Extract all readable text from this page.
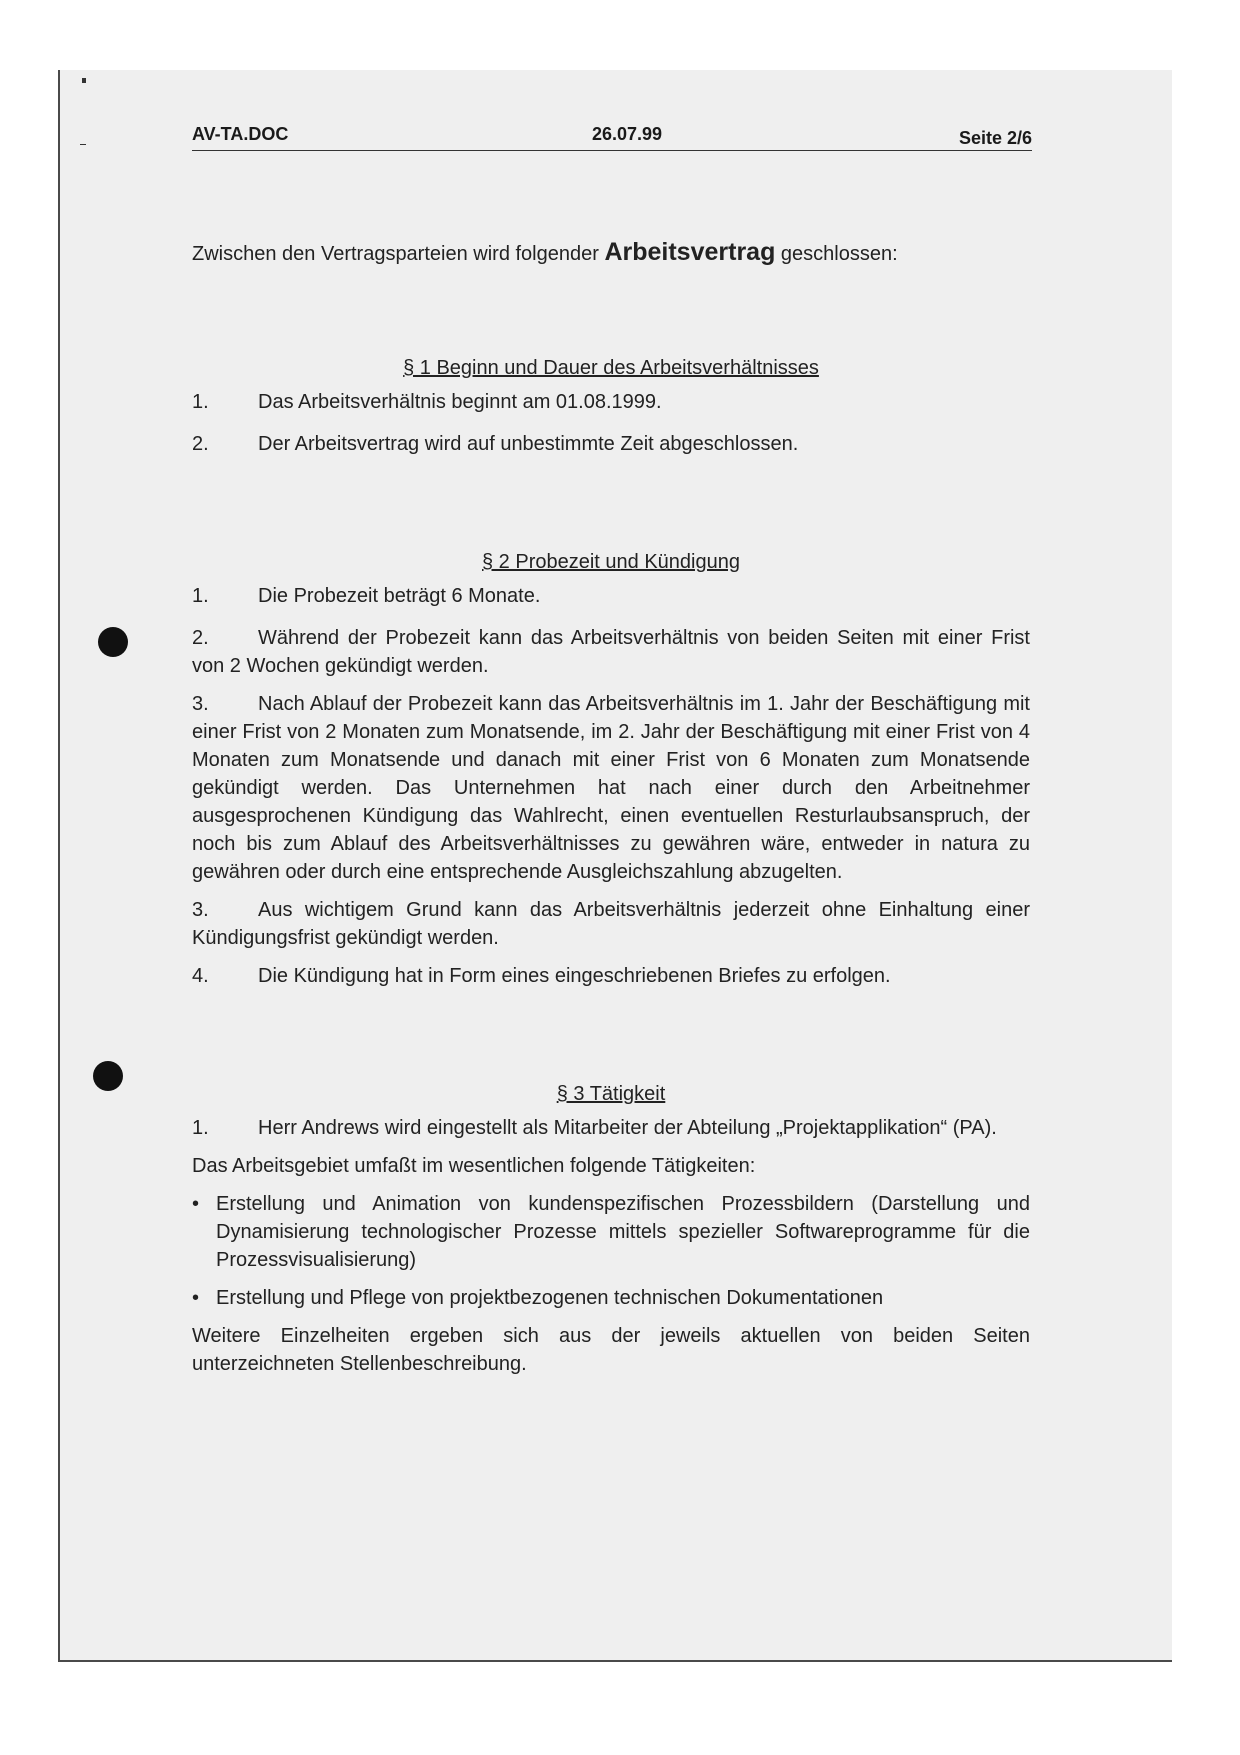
AV-TA.DOC	26.07.99	Seite 2/6

Zwischen den Vertragsparteien wird folgender Arbeitsvertrag geschlossen:

§ 1 Beginn und Dauer des Arbeitsverhältnisses

1.	Das Arbeitsverhältnis beginnt am 01.08.1999.
2.	Der Arbeitsvertrag wird auf unbestimmte Zeit abgeschlossen.

§ 2 Probezeit und Kündigung

1.	Die Probezeit beträgt 6 Monate.

2. Während der Probezeit kann das Arbeitsverhältnis von beiden Seiten mit einer Frist von 2 Wochen gekündigt werden.

3. Nach Ablauf der Probezeit kann das Arbeitsverhältnis im 1. Jahr der Beschäftigung mit einer Frist von 2 Monaten zum Monatsende, im 2. Jahr der Beschäftigung mit einer Frist von 4 Monaten zum Monatsende und danach mit einer Frist von 6 Monaten zum Monatsende gekündigt werden. Das Unternehmen hat nach einer durch den Arbeitnehmer ausgesprochenen Kündigung das Wahlrecht, einen eventuellen Resturlaubsanspruch, der noch bis zum Ablauf des Arbeitsverhältnisses zu gewähren wäre, entweder in natura zu gewähren oder durch eine entsprechende Ausgleichszahlung abzugelten.

3. Aus wichtigem Grund kann das Arbeitsverhältnis jederzeit ohne Einhaltung einer Kündigungsfrist gekündigt werden.

4.	Die Kündigung hat in Form eines eingeschriebenen Briefes zu erfolgen.

§ 3 Tätigkeit

1. Herr Andrews wird eingestellt als Mitarbeiter der Abteilung „Projektapplikation“ (PA).

Das Arbeitsgebiet umfaßt im wesentlichen folgende Tätigkeiten:

• Erstellung und Animation von kundenspezifischen Prozessbildern (Darstellung und Dynamisierung technologischer Prozesse mittels spezieller Softwareprogramme für die Prozessvisualisierung)
• Erstellung und Pflege von projektbezogenen technischen Dokumentationen

Weitere Einzelheiten ergeben sich aus der jeweils aktuellen von beiden Seiten unterzeichneten Stellenbeschreibung.
